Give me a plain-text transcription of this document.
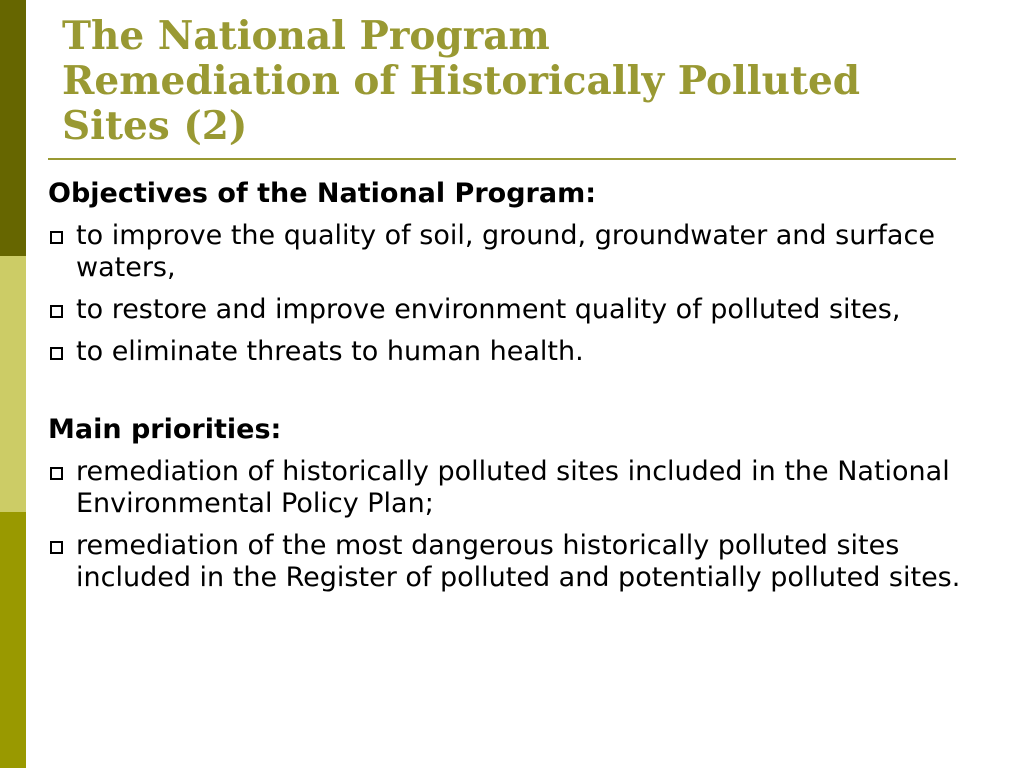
The National Program
Remediation of Historically Polluted
Sites (2)
Objectives of the National Program:
to improve the quality of soil, ground, groundwater and surface waters,
to restore and improve environment quality of polluted sites,
to eliminate threats to human health.
Main priorities:
remediation of historically polluted sites included in the National Environmental Policy Plan;
remediation of the most dangerous historically polluted sites included in the Register of polluted and potentially polluted sites.
